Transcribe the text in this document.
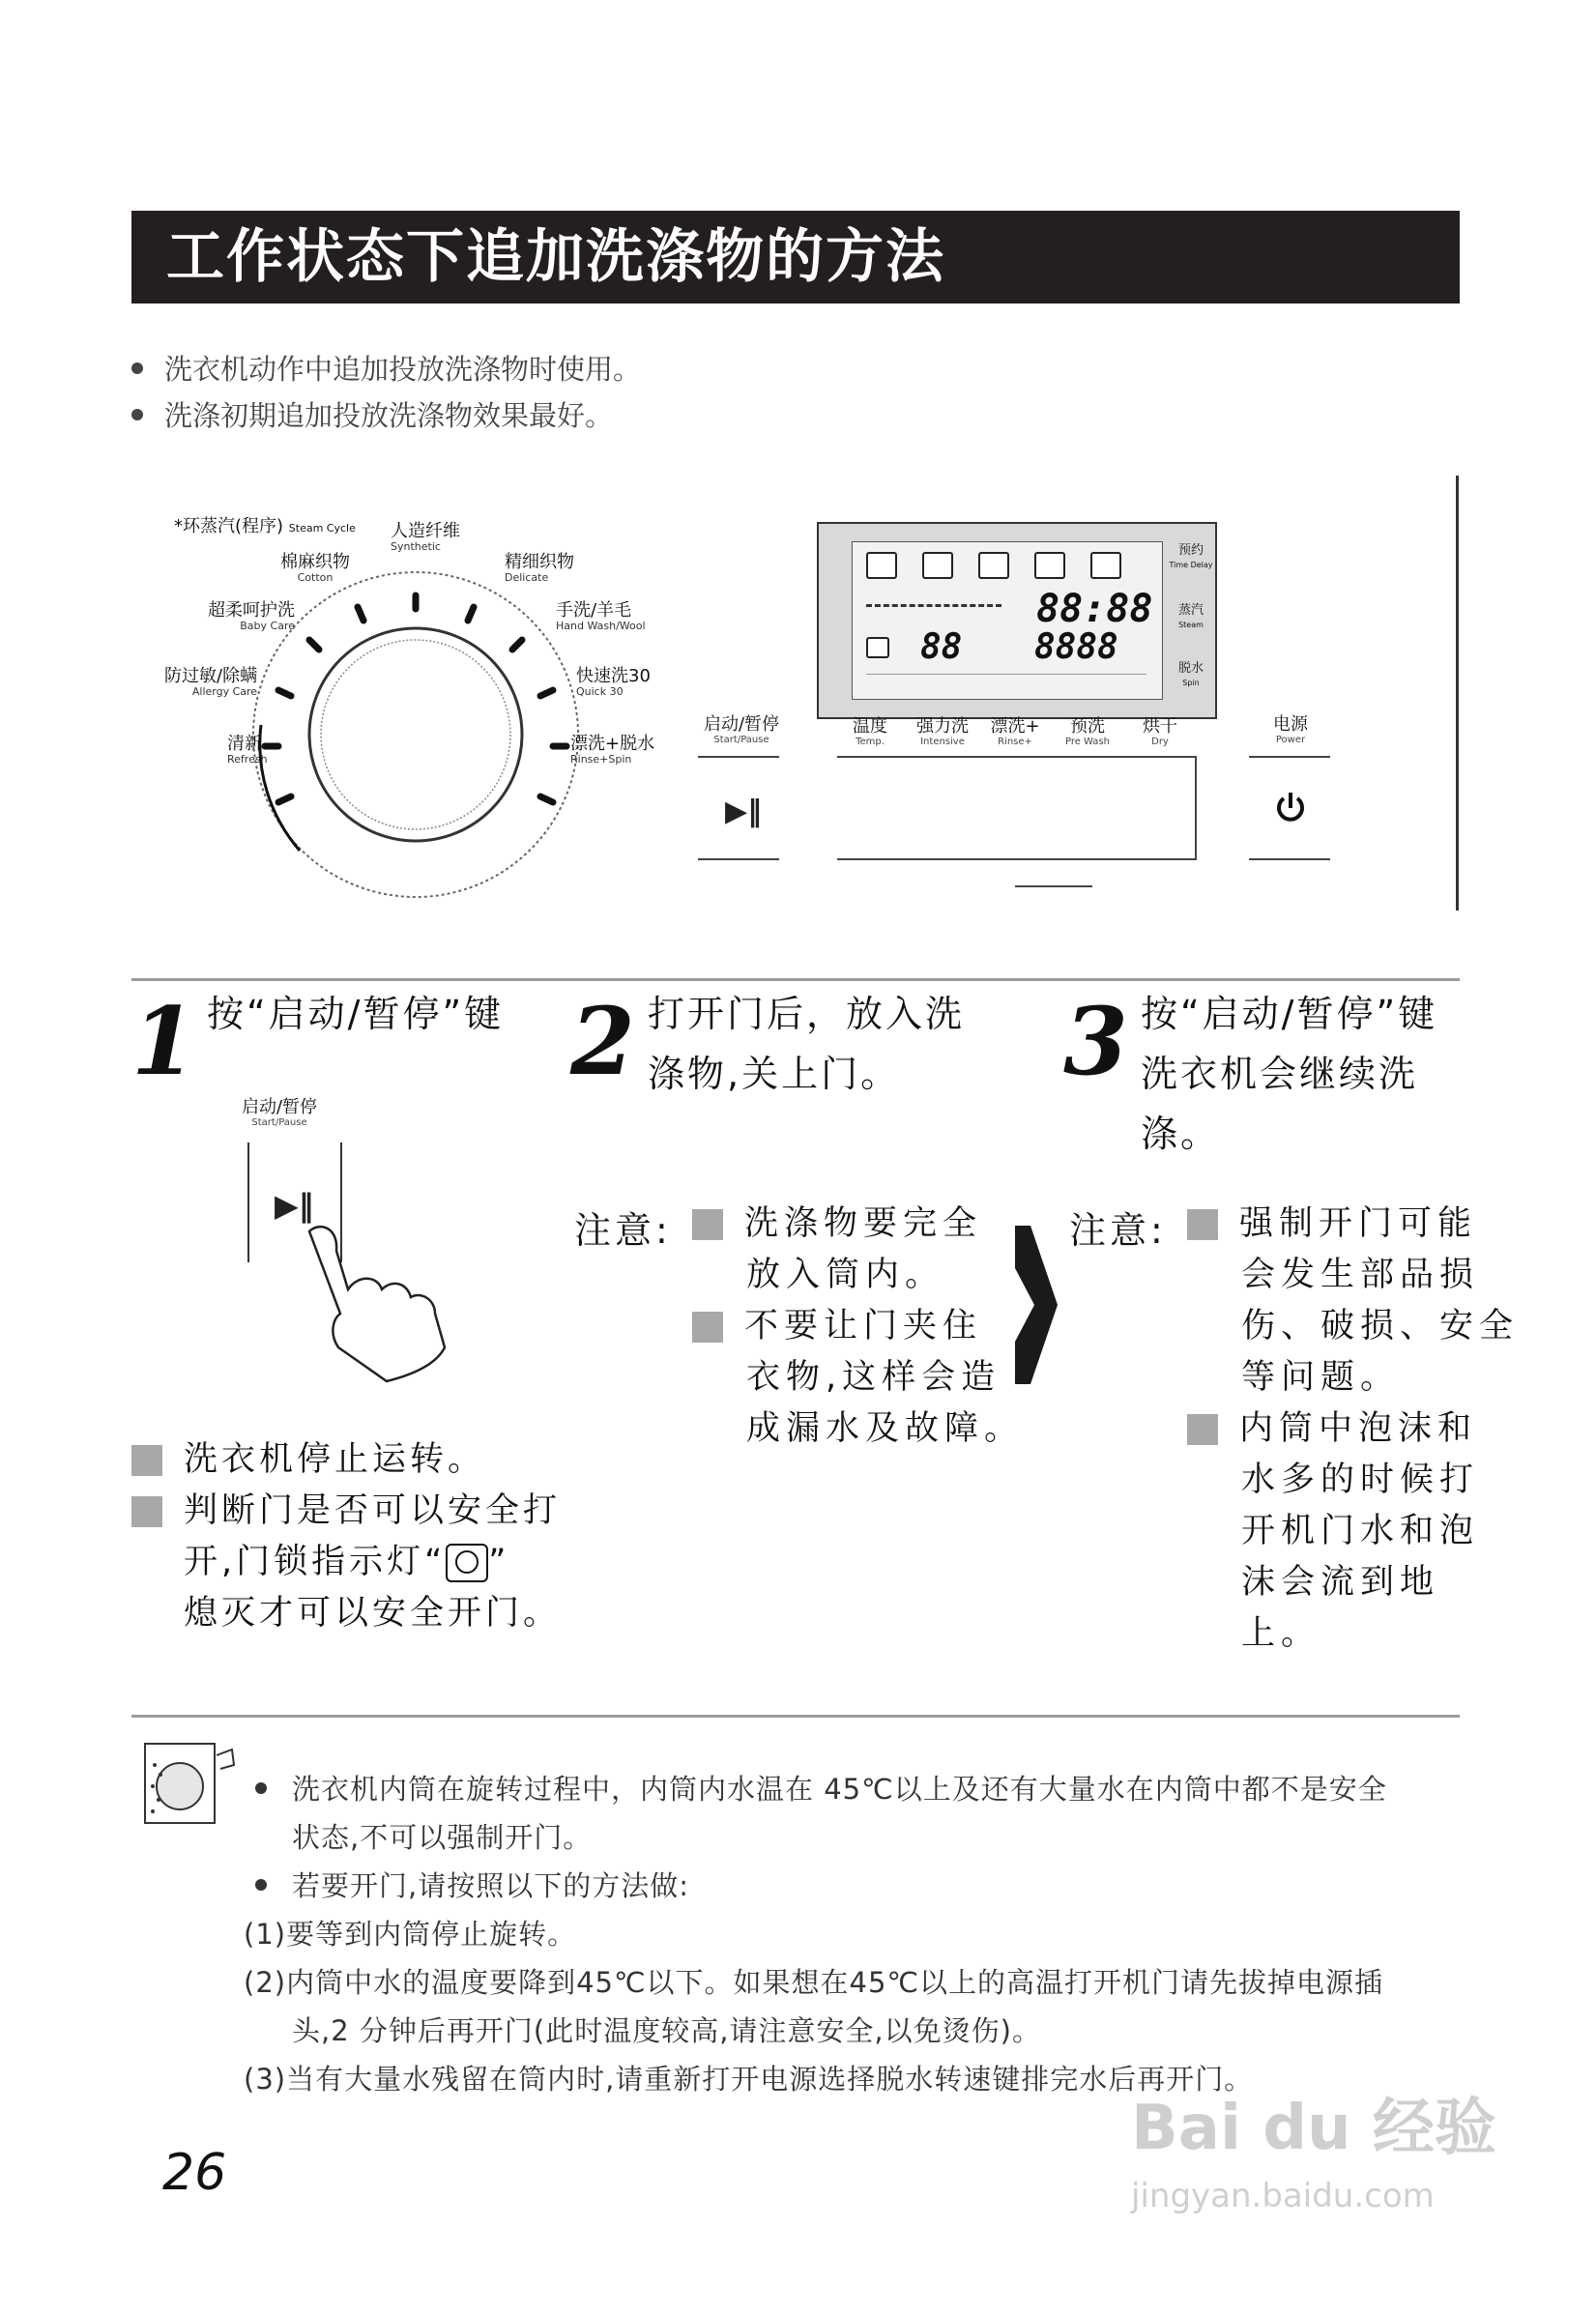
工作状态下追加洗涤物的方法
洗衣机动作中追加投放洗涤物时使用。
洗涤初期追加投放洗涤物效果最好。
*环蒸汽(程序) Steam Cycle 人造纤维
Synthetic
棉麻织物
Cotton
精细织物
Delicate
超柔呵护洗
Baby Care
手洗/羊毛
Hand Wash/Wool
防过敏/除螨
Allergy Care
快速洗30
Quick 30
清新
Refresh
漂洗+脱水
Rinse+Spin
88:88
88 8888
预约
Time Delay
蒸汽
Steam
脱水
Spin
启动/暂停
Start/Pause
▶‖
温度
Temp.
强力洗
Intensive
漂洗+
Rinse+
预洗
Pre Wash
烘干
Dry

电源
Power
1 按“启动/暂停”键
启动/暂停
Start/Pause
▶‖
洗衣机停止运转。
判断门是否可以安全打
开,门锁指示灯“ ”
熄灭才可以安全开门。
2 打开门后，放入洗
涤物,关上门。
注意:	洗涤物要完全
放入筒内。
不要让门夹住
衣物,这样会造
成漏水及故障。
3 按“启动/暂停”键
洗衣机会继续洗
涤。
注意:	强制开门可能
会发生部品损
伤、破损、安全
等问题。
内筒中泡沫和
水多的时候打
开机门水和泡
沫会流到地
上。
洗衣机内筒在旋转过程中，内筒内水温在 45℃以上及还有大量水在内筒中都不是安全
状态,不可以强制开门。
若要开门,请按照以下的方法做:
(1)要等到内筒停止旋转。
(2)内筒中水的温度要降到45℃以下。如果想在45℃以上的高温打开机门请先拔掉电源插
头,2 分钟后再开门(此时温度较高,请注意安全,以免烫伤)。
(3)当有大量水残留在筒内时,请重新打开电源选择脱水转速键排完水后再开门。
26
Bai du 经验
jingyan.baidu.com
